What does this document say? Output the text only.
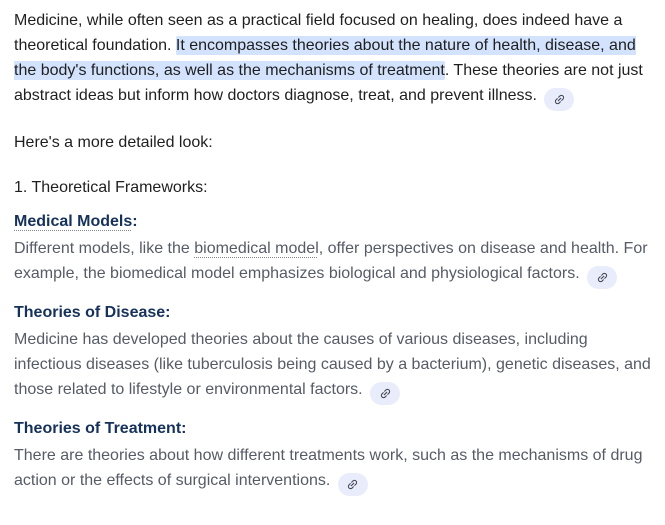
Medicine, while often seen as a practical field focused on healing, does indeed have a theoretical foundation. It encompasses theories about the nature of health, disease, and the body's functions, as well as the mechanisms of treatment. These theories are not just abstract ideas but inform how doctors diagnose, treat, and prevent illness.

Here's a more detailed look:

1. Theoretical Frameworks:

Medical Models:

Different models, like the biomedical model, offer perspectives on disease and health. For example, the biomedical model emphasizes biological and physiological factors.

Theories of Disease:

Medicine has developed theories about the causes of various diseases, including infectious diseases (like tuberculosis being caused by a bacterium), genetic diseases, and those related to lifestyle or environmental factors.

Theories of Treatment:

There are theories about how different treatments work, such as the mechanisms of drug action or the effects of surgical interventions.
